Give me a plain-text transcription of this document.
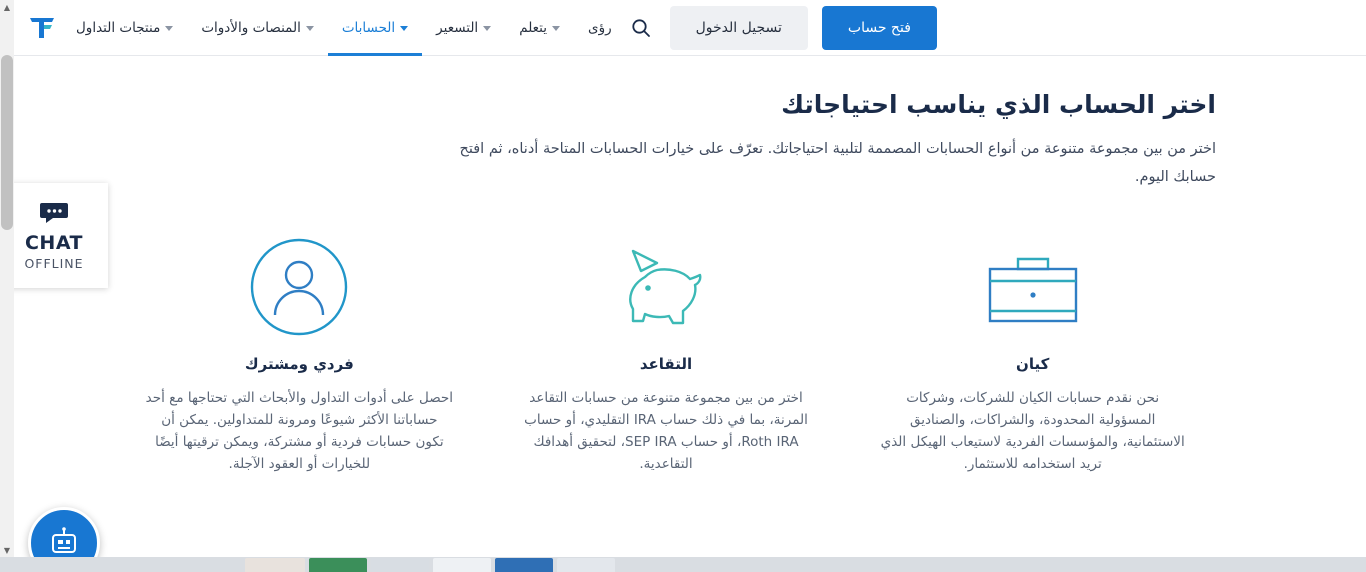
منتجات التداول	المنصات والأدوات	الحسابات	التسعير	يتعلم	رؤى	تسجيل الدخول	فتح حساب
اختر الحساب الذي يناسب احتياجاتك
اختر من بين مجموعة متنوعة من أنواع الحسابات المصممة لتلبية احتياجاتك. تعرّف على خيارات الحسابات المتاحة أدناه، ثم افتح حسابك اليوم.
فردي ومشترك
احصل على أدوات التداول والأبحاث التي تحتاجها مع أحد حساباتنا الأكثر شيوعًا ومرونة للمتداولين. يمكن أن تكون حسابات فردية أو مشتركة، ويمكن ترقيتها أيضًا للخيارات أو العقود الآجلة.
التقاعد
اختر من بين مجموعة متنوعة من حسابات التقاعد المرنة، بما في ذلك حساب IRA التقليدي، أو حساب Roth IRA، أو حساب SEP IRA، لتحقيق أهدافك التقاعدية.
كيان
نحن نقدم حسابات الكيان للشركات، وشركات المسؤولية المحدودة، والشراكات، والصناديق الاستئمانية، والمؤسسات الفردية لاستيعاب الهيكل الذي تريد استخدامه للاستثمار.
CHAT
OFFLINE
▲
▼
